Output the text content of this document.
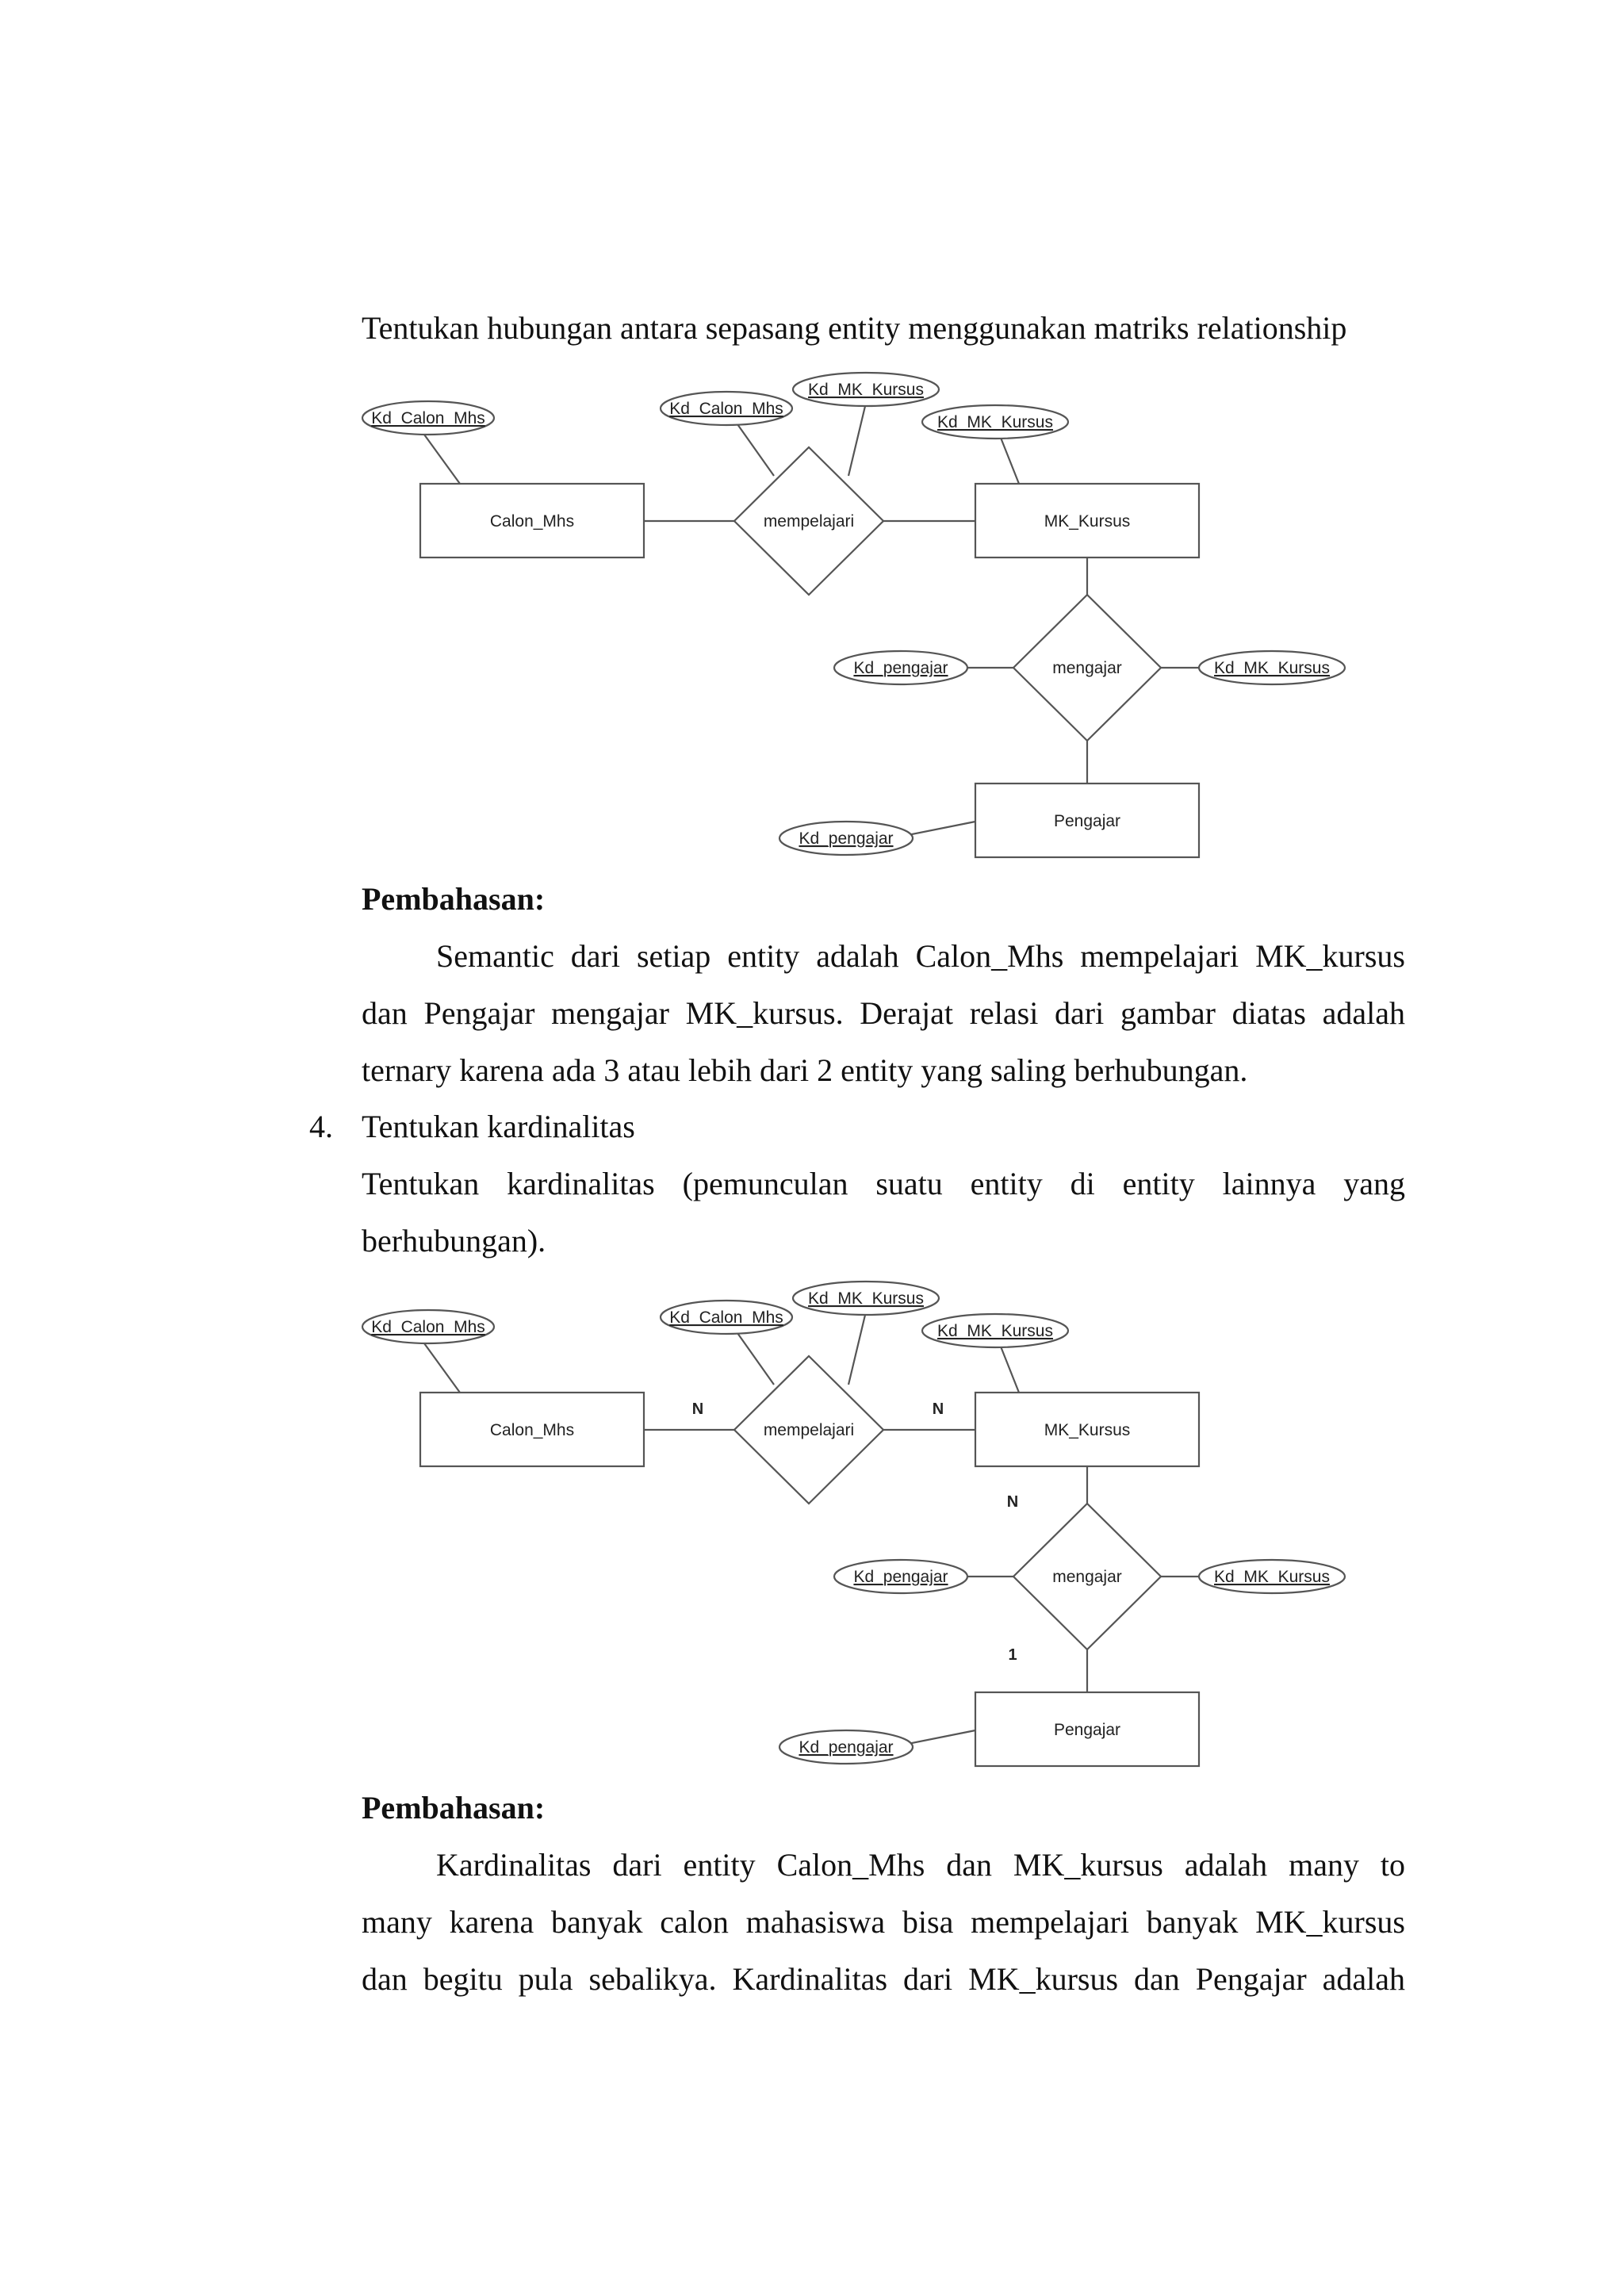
Tentukan hubungan antara sepasang entity menggunakan matriks relationship
Calon_Mhs	MK_Kursus
Pengajar
mempelajari
mengajar
Kd_Calon_Mhs
Kd_Calon_Mhs
Kd_MK_Kursus
Kd_MK_Kursus
Kd_pengajar	Kd_MK_Kursus
Kd_pengajar
Pembahasan:
Semantic dari setiap entity adalah Calon_Mhs mempelajari MK_kursus
dan Pengajar mengajar MK_kursus. Derajat relasi dari gambar diatas adalah
ternary karena ada 3 atau lebih dari 2 entity yang saling berhubungan.
4. Tentukan kardinalitas
Tentukan kardinalitas (pemunculan suatu entity di entity lainnya yang
berhubungan).
Calon_Mhs	MK_Kursus
Pengajar
mempelajari
mengajar
Kd_Calon_Mhs
Kd_Calon_Mhs
Kd_MK_Kursus
Kd_MK_Kursus
Kd_pengajar	Kd_MK_Kursus
Kd_pengajar
N	N
N
1
Pembahasan:
Kardinalitas dari entity Calon_Mhs dan MK_kursus adalah many to
many karena banyak calon mahasiswa bisa mempelajari banyak MK_kursus
dan begitu pula sebalikya. Kardinalitas dari MK_kursus dan Pengajar adalah
